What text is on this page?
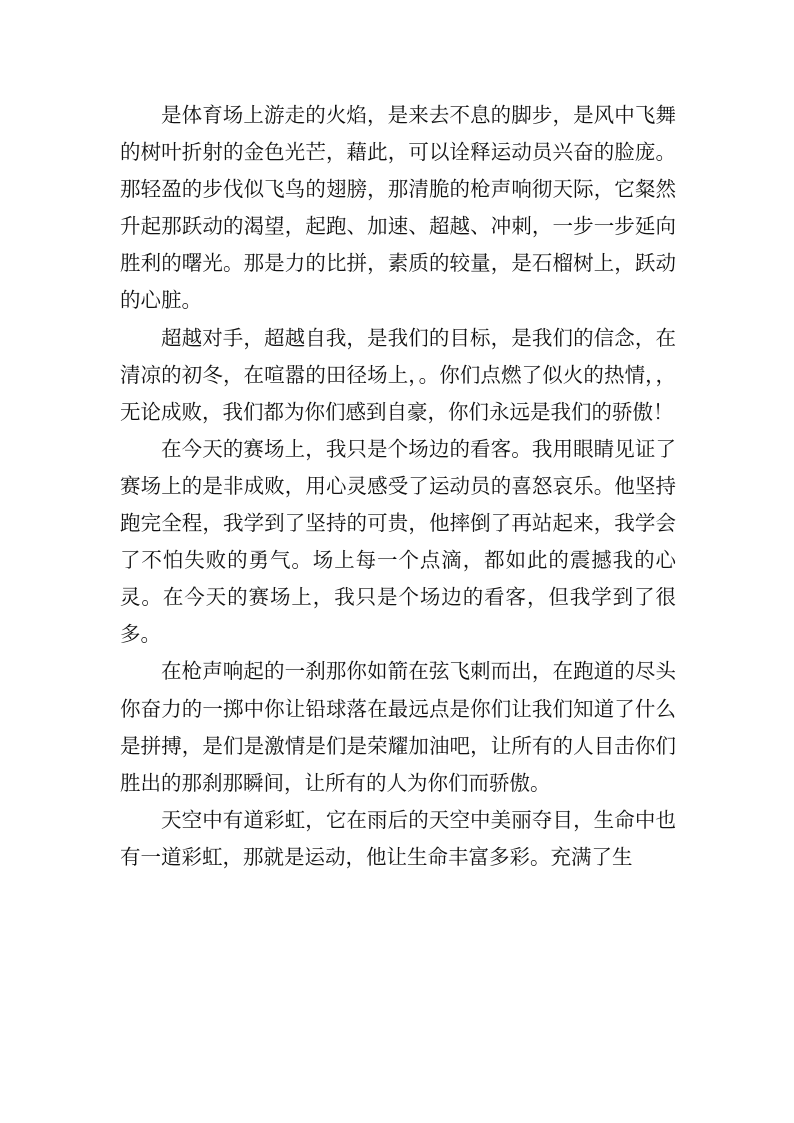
是体育场上游走的火焰，是来去不息的脚步，是风中飞舞的树叶折射的金色光芒，藉此，可以诠释运动员兴奋的脸庞。那轻盈的步伐似飞鸟的翅膀，那清脆的枪声响彻天际，它粲然升起那跃动的渴望，起跑、加速、超越、冲刺，一步一步延向胜利的曙光。那是力的比拼，素质的较量，是石榴树上，跃动的心脏。

超越对手，超越自我，是我们的目标，是我们的信念，在清凉的初冬，在喧嚣的田径场上，。你们点燃了似火的热情，，无论成败，我们都为你们感到自豪，你们永远是我们的骄傲！

在今天的赛场上，我只是个场边的看客。我用眼睛见证了赛场上的是非成败，用心灵感受了运动员的喜怒哀乐。他坚持跑完全程，我学到了坚持的可贵，他摔倒了再站起来，我学会了不怕失败的勇气。场上每一个点滴，都如此的震撼我的心灵。在今天的赛场上，我只是个场边的看客，但我学到了很多。

在枪声响起的一刹那你如箭在弦飞刺而出，在跑道的尽头你奋力的一掷中你让铅球落在最远点是你们让我们知道了什么是拼搏，是们是激情是们是荣耀加油吧，让所有的人目击你们胜出的那刹那瞬间，让所有的人为你们而骄傲。

天空中有道彩虹，它在雨后的天空中美丽夺目，生命中也有一道彩虹，那就是运动，他让生命丰富多彩。充满了生
